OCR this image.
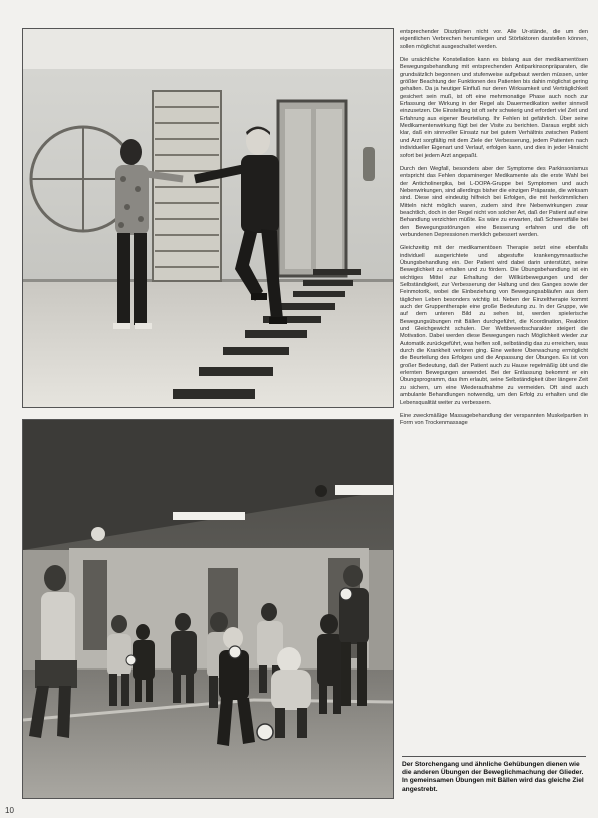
entsprechender Disziplinen nicht vor. Alle Ur-stände, die um den eigentlichen Verbrechen herumliegen und Störfaktoren darstellen können, sollen möglichst ausgeschaltet werden.

Die ursächliche Konstellation kann es bislang aus der medikamentösen Bewegungsbehandlung mit entsprechenden Antiparkinsonpräparaten, die grundsätzlich begonnen und stufenweise aufgebaut werden müssen, unter größter Beachtung der Funktionen des Patienten bis dahin möglichst gering gehalten. Da ja heutiger Einfluß nur deren Wirksamkeit und Verträglichkeit gesichert sein muß, ist oft eine mehrmonatige Phase auch noch zur Erfassung der Wirkung in der Regel als Dauermedikation weiter sinnvoll einzusetzen. Die Einstellung ist oft sehr schwierig und erfordert viel Zeit und Erfahrung aus eigener Beurteilung. Ihr Fehlen ist gefährlich. Über seine Medikamentenwirkung fügt bei der Visite zu berichten. Daraus ergibt sich klar, daß ein sinnvoller Einsatz nur bei gutem Verhältnis zwischen Patient und Arzt sorgfältig mit dem Ziele der Verbesserung, jedem Patienten nach individueller Eigenart und Verlauf, erfolgen kann, und dies in jeder Hinsicht sofort bei jedem Arzt angepaßt.

Durch den Wegfall, besonders aber der Symptome des Parkinsonismus entspricht das Fehlen dopaminerger Medikamente als die erste Wahl bei der Anticholinergika, bei L-DOPA-Gruppe bei Symptomen und auch Nebenwirkungen, sind allerdings bisher die einzigen Präparate, die wirksam sind. Diese sind eindeutig hilfreich bei Erfolgen, die mit herkömmlichen Mitteln nicht möglich waren, zudem sind ihre Nebenwirkungen zwar beachtlich, doch in der Regel nicht von solcher Art, daß der Patient auf eine Behandlung verzichten müßte. Es wäre zu erwarten, daß Schwerstfälle bei den Bewegungsstörungen eine Besserung erfahren und die oft verbundenen Depressionen merklich gebessert werden.

Gleichzeitig mit der medikamentösen Therapie setzt eine ebenfalls individuell ausgerichtete und abgestufte krankengymnastische Übungsbehandlung ein. Der Patient wird dabei darin unterstützt, seine Beweglichkeit zu erhalten und zu fördern. Die Übungsbehandlung ist ein wichtiges Mittel zur Erhaltung der Willkürbewegungen und der Selbständigkeit, zur Verbesserung der Haltung und des Ganges sowie der Feinmotorik, wobei die Einbeziehung von Bewegungsabläufen aus dem täglichen Leben besonders wichtig ist. Neben der Einzeltherapie kommt auch der Gruppentherapie eine große Bedeutung zu. In der Gruppe, wie auf dem unteren Bild zu sehen ist, werden spielerische Bewegungsübungen mit Bällen durchgeführt, die Koordination, Reaktion und Gleichgewicht schulen. Der Wettbewerbscharakter steigert die Motivation. Dabei werden diese Bewegungen nach Möglichkeit wieder zur Automatik zurückgeführt, was helfen soll, selbständig das zu erreichen, was durch die Krankheit verloren ging. Eine weitere Überwachung ermöglicht die Beurteilung des Erfolges und die Anpassung der Übungen. Es ist von großer Bedeutung, daß der Patient auch zu Hause regelmäßig übt und die erlernten Bewegungen anwendet. Bei der Entlassung bekommt er ein Übungsprogramm, das ihm erlaubt, seine Selbständigkeit über längere Zeit zu sichern, um eine Wiederaufnahme zu vermeiden. Oft sind auch ambulante Behandlungen notwendig, um den Erfolg zu erhalten und die Lebensqualität weiter zu verbessern.

Eine zweckmäßige Massagebehandlung der verspannten Muskelpartien in Form von Trockenmassage

Der Storchengang und ähnliche Gehübungen dienen wie die anderen Übungen der Beweglichmachung der Glieder. In gemeinsamen Übungen mit Bällen wird das gleiche Ziel angestrebt.
10
